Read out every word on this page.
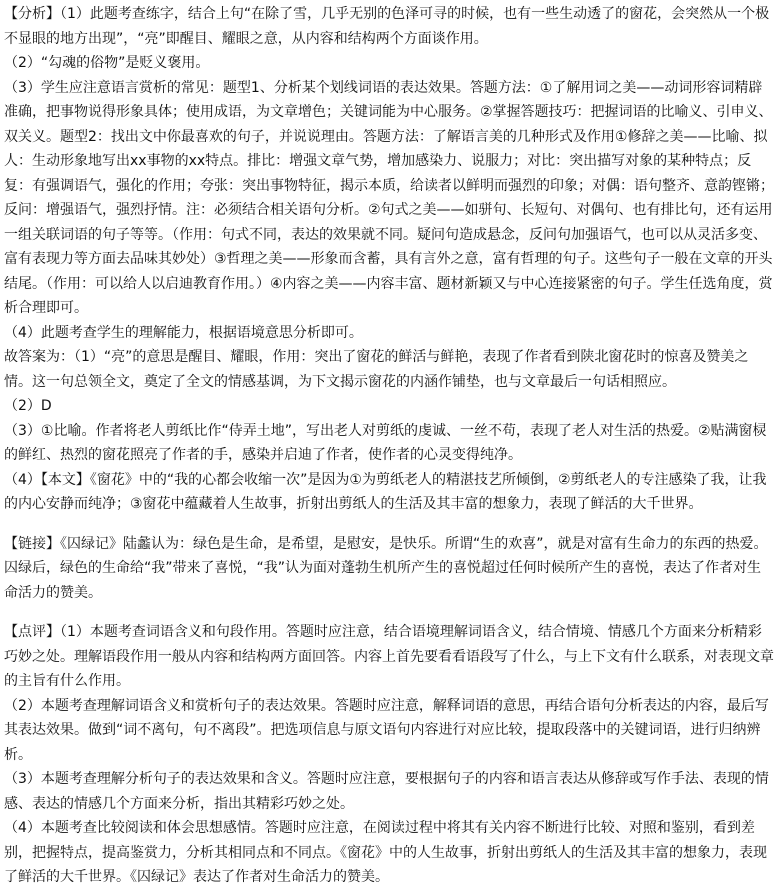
【分析】（1）此题考查练字，结合上句“在除了雪，几乎无别的色泽可寻的时候，也有一些生动透了的窗花，会突然从一个极不显眼的地方出现”，“亮”即醒目、耀眼之意，从内容和结构两个方面谈作用。

（2）“勾魂的俗物”是贬义褒用。

（3）学生应注意语言赏析的常见：题型1、分析某个划线词语的表达效果。答题方法：①了解用词之美——动词形容词精辟准确，把事物说得形象具体；使用成语，为文章增色；关键词能为中心服务。②掌握答题技巧：把握词语的比喻义、引申义、双关义。题型2：找出文中你最喜欢的句子，并说说理由。答题方法：了解语言美的几种形式及作用①修辞之美——比喻、拟人：生动形象地写出xx事物的xx特点。排比：增强文章气势，增加感染力、说服力；对比：突出描写对象的某种特点；反复：有强调语气，强化的作用；夸张：突出事物特征，揭示本质，给读者以鲜明而强烈的印象；对偶：语句整齐、意韵铿锵；反问：增强语气，强烈抒情。注：必须结合相关语句分析。②句式之美——如骈句、长短句、对偶句、也有排比句，还有运用一组关联词语的句子等等。（作用：句式不同，表达的效果就不同。疑问句造成悬念，反问句加强语气，也可以从灵活多变、富有表现力等方面去品味其妙处）③哲理之美——形象而含蓄，具有言外之意，富有哲理的句子。这些句子一般在文章的开头结尾。（作用：可以给人以启迪教育作用。）④内容之美——内容丰富、题材新颖又与中心连接紧密的句子。学生任选角度，赏析合理即可。

（4）此题考查学生的理解能力，根据语境意思分析即可。

故答案为：（1）“亮”的意思是醒目、耀眼，作用：突出了窗花的鲜活与鲜艳，表现了作者看到陕北窗花时的惊喜及赞美之情。这一句总领全文，奠定了全文的情感基调，为下文揭示窗花的内涵作铺垫，也与文章最后一句话相照应。

（2）D

（3）①比喻。作者将老人剪纸比作“侍弄土地”，写出老人对剪纸的虔诚、一丝不苟，表现了老人对生活的热爱。②贴满窗棂的鲜红、热烈的窗花照亮了作者的手，感染并启迪了作者，使作者的心灵变得纯净。

（4）【本文】《窗花》中的“我的心都会收缩一次”是因为①为剪纸老人的精湛技艺所倾倒，②剪纸老人的专注感染了我，让我的内心安静而纯净；③窗花中蕴藏着人生故事，折射出剪纸人的生活及其丰富的想象力，表现了鲜活的大千世界。

【链接】《囚绿记》陆蠡认为：绿色是生命，是希望，是慰安，是快乐。所谓“生的欢喜”，就是对富有生命力的东西的热爱。囚绿后，绿色的生命给“我”带来了喜悦，“我”认为面对蓬勃生机所产生的喜悦超过任何时候所产生的喜悦，表达了作者对生命活力的赞美。

【点评】（1）本题考查词语含义和句段作用。答题时应注意，结合语境理解词语含义，结合情境、情感几个方面来分析精彩巧妙之处。理解语段作用一般从内容和结构两方面回答。内容上首先要看看语段写了什么，与上下文有什么联系，对表现文章的主旨有什么作用。

（2）本题考查理解词语含义和赏析句子的表达效果。答题时应注意，解释词语的意思，再结合语句分析表达的内容，最后写其表达效果。做到“词不离句，句不离段”。把选项信息与原文语句内容进行对应比较，提取段落中的关键词语，进行归纳辨析。

（3）本题考查理解分析句子的表达效果和含义。答题时应注意，要根据句子的内容和语言表达从修辞或写作手法、表现的情感、表达的情感几个方面来分析，指出其精彩巧妙之处。

（4）本题考查比较阅读和体会思想感情。答题时应注意，在阅读过程中将其有关内容不断进行比较、对照和鉴别，看到差别，把握特点，提高鉴赏力，分析其相同点和不同点。《窗花》中的人生故事，折射出剪纸人的生活及其丰富的想象力，表现了鲜活的大千世界。《囚绿记》表达了作者对生命活力的赞美。
